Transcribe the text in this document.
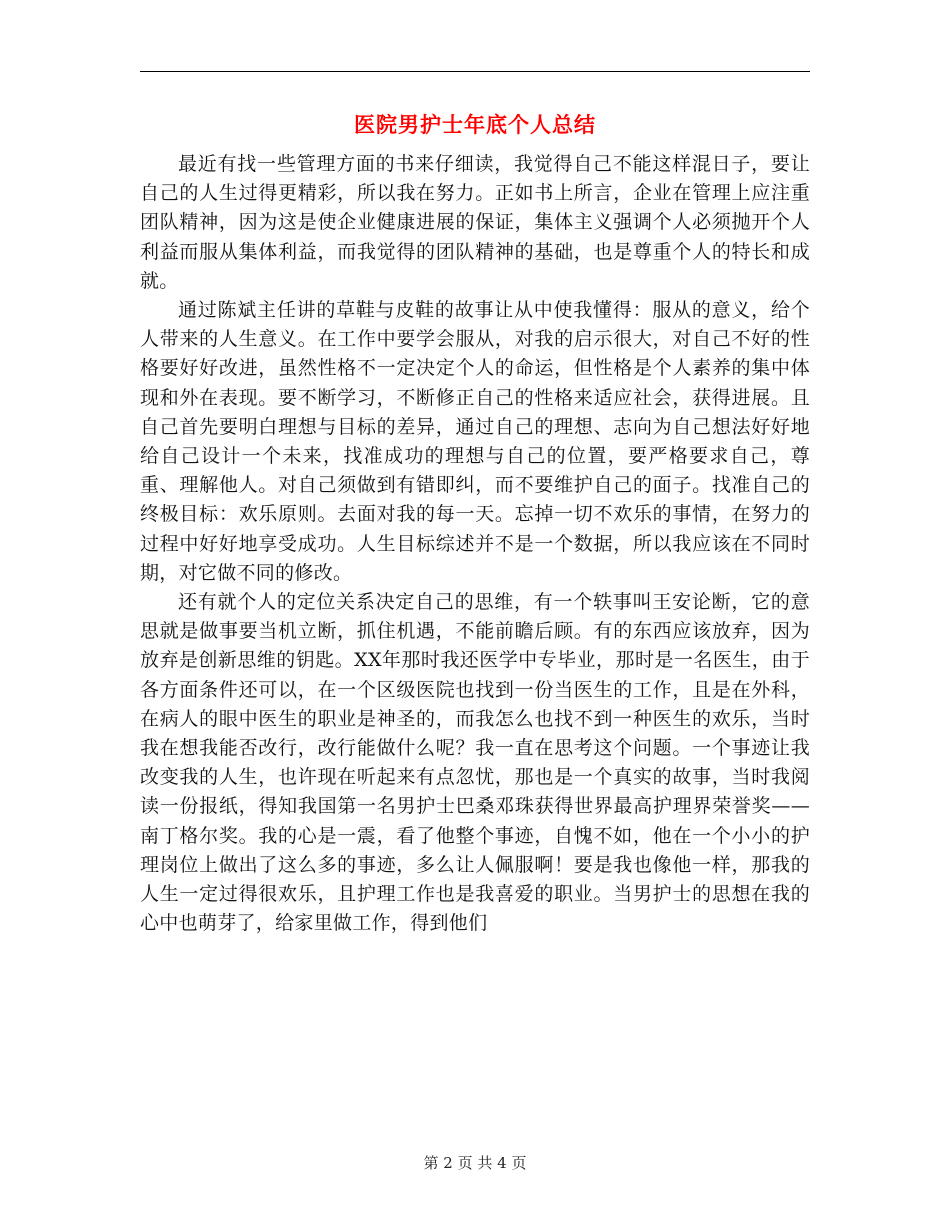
医院男护士年底个人总结

最近有找一些管理方面的书来仔细读，我觉得自己不能这样混日子，要让自己的人生过得更精彩，所以我在努力。正如书上所言，企业在管理上应注重团队精神，因为这是使企业健康进展的保证，集体主义强调个人必须抛开个人利益而服从集体利益，而我觉得的团队精神的基础，也是尊重个人的特长和成就。

通过陈斌主任讲的草鞋与皮鞋的故事让从中使我懂得：服从的意义，给个人带来的人生意义。在工作中要学会服从，对我的启示很大，对自己不好的性格要好好改进，虽然性格不一定决定个人的命运，但性格是个人素养的集中体现和外在表现。要不断学习，不断修正自己的性格来适应社会，获得进展。且自己首先要明白理想与目标的差异，通过自己的理想、志向为自己想法好好地给自己设计一个未来，找准成功的理想与自己的位置，要严格要求自己，尊重、理解他人。对自己须做到有错即纠，而不要维护自己的面子。找准自己的终极目标：欢乐原则。去面对我的每一天。忘掉一切不欢乐的事情，在努力的过程中好好地享受成功。人生目标综述并不是一个数据，所以我应该在不同时期，对它做不同的修改。

还有就个人的定位关系决定自己的思维，有一个轶事叫王安论断，它的意思就是做事要当机立断，抓住机遇，不能前瞻后顾。有的东西应该放弃，因为放弃是创新思维的钥匙。XX年那时我还医学中专毕业，那时是一名医生，由于各方面条件还可以，在一个区级医院也找到一份当医生的工作，且是在外科，在病人的眼中医生的职业是神圣的，而我怎么也找不到一种医生的欢乐，当时我在想我能否改行，改行能做什么呢？我一直在思考这个问题。一个事迹让我改变我的人生，也许现在听起来有点忽忧，那也是一个真实的故事，当时我阅读一份报纸，得知我国第一名男护士巴桑邓珠获得世界最高护理界荣誉奖——南丁格尔奖。我的心是一震，看了他整个事迹，自愧不如，他在一个小小的护理岗位上做出了这么多的事迹，多么让人佩服啊！要是我也像他一样，那我的人生一定过得很欢乐，且护理工作也是我喜爱的职业。当男护士的思想在我的心中也萌芽了，给家里做工作，得到他们

第 2 页 共 4 页
